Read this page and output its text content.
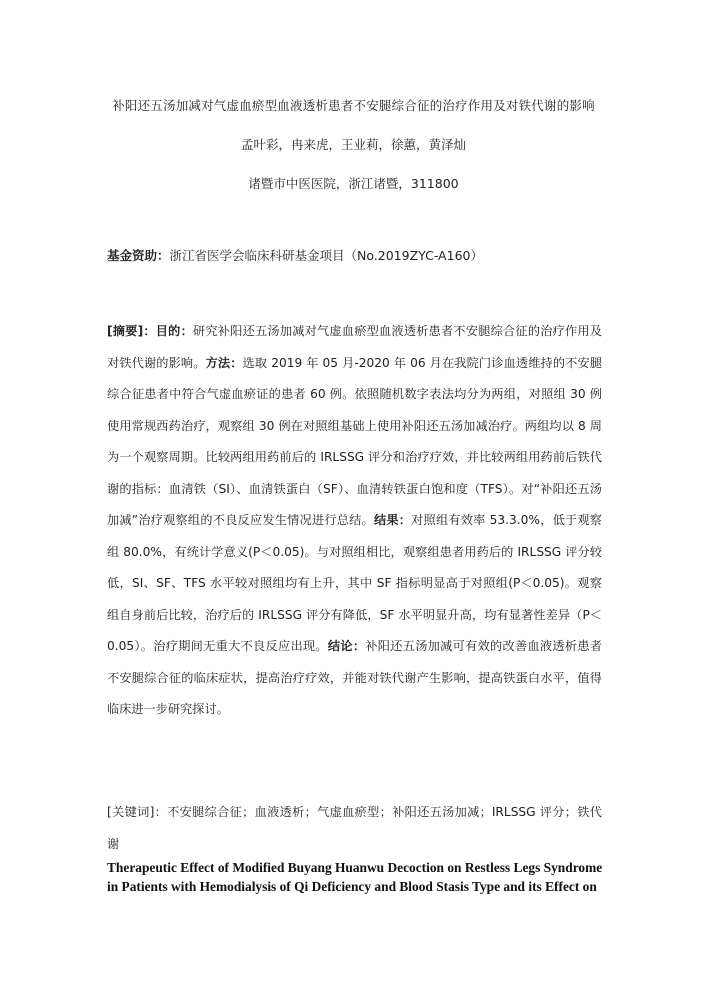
补阳还五汤加减对气虚血瘀型血液透析患者不安腿综合征的治疗作用及对铁代谢的影响
孟叶彩，冉来虎，王业莉，徐蕙，黄泽灿
诸暨市中医医院，浙江诸暨，311800
基金资助：浙江省医学会临床科研基金项目（No.2019ZYC-A160）
[摘要]：目的：研究补阳还五汤加减对气虚血瘀型血液透析患者不安腿综合征的治疗作用及对铁代谢的影响。方法：选取 2019 年 05 月-2020 年 06 月在我院门诊血透维持的不安腿综合征患者中符合气虚血瘀证的患者 60 例。依照随机数字表法均分为两组，对照组 30 例使用常规西药治疗，观察组 30 例在对照组基础上使用补阳还五汤加减治疗。两组均以 8 周为一个观察周期。比较两组用药前后的 IRLSSG 评分和治疗疗效，并比较两组用药前后铁代谢的指标：血清铁（SI）、血清铁蛋白（SF）、血清转铁蛋白饱和度（TFS）。对“补阳还五汤加减”治疗观察组的不良反应发生情况进行总结。结果：对照组有效率 53.3.0%，低于观察组 80.0%，有统计学意义(P＜0.05)。与对照组相比，观察组患者用药后的 IRLSSG 评分较低，SI、SF、TFS 水平较对照组均有上升，其中 SF 指标明显高于对照组(P＜0.05)。观察组自身前后比较，治疗后的 IRLSSG 评分有降低，SF 水平明显升高，均有显著性差异（P＜0.05）。治疗期间无重大不良反应出现。结论：补阳还五汤加减可有效的改善血液透析患者不安腿综合征的临床症状，提高治疗疗效，并能对铁代谢产生影响，提高铁蛋白水平，值得临床进一步研究探讨。
[关键词]：不安腿综合征；血液透析；气虚血瘀型；补阳还五汤加减；IRLSSG 评分；铁代谢
Therapeutic Effect of Modified Buyang Huanwu Decoction on Restless Legs Syndrome
in Patients with Hemodialysis of Qi Deficiency and Blood Stasis Type and its Effect on
